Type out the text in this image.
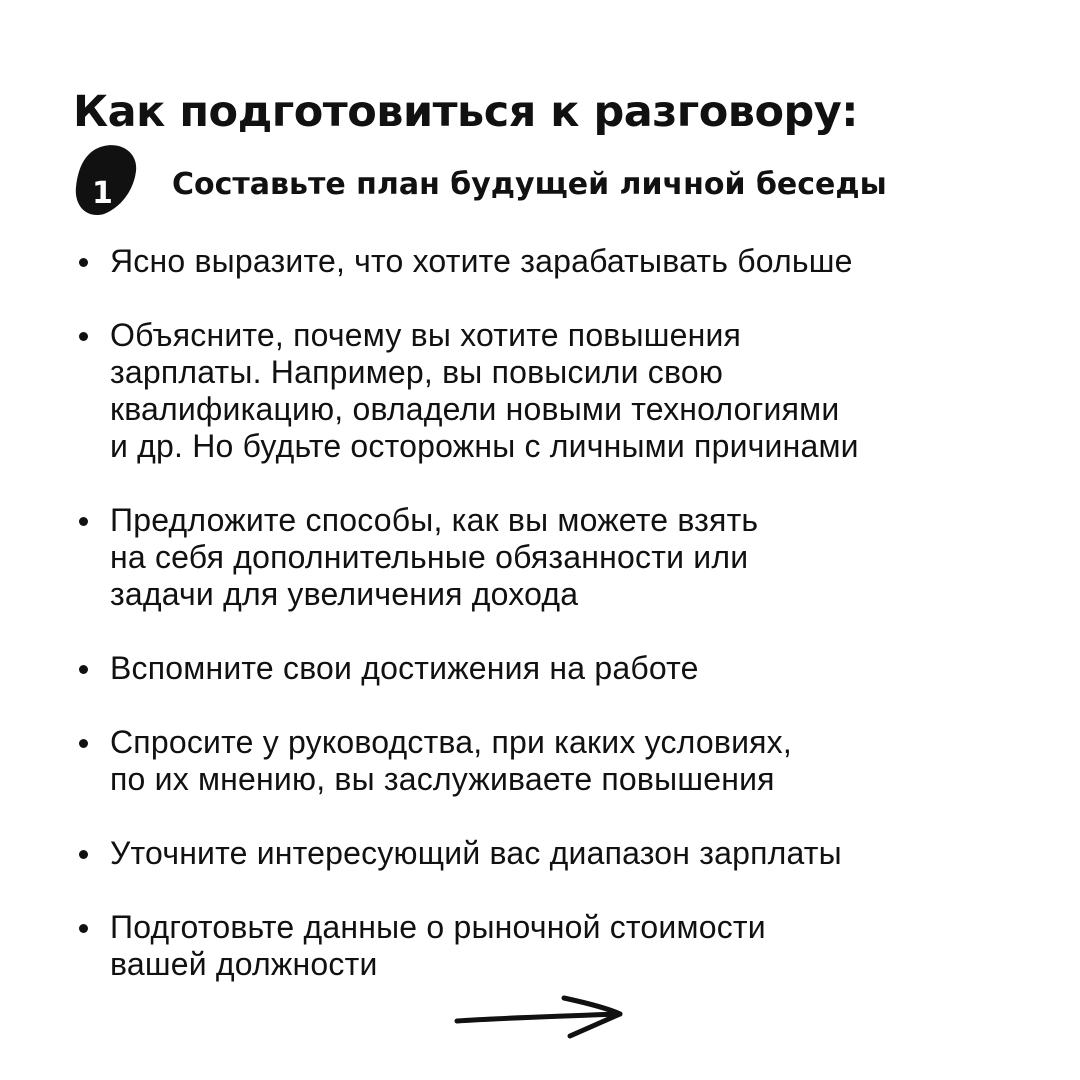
Как подготовиться к разговору:
1 Составьте план будущей личной беседы
Ясно выразите, что хотите зарабатывать больше
Объясните, почему вы хотите повышения
зарплаты. Например, вы повысили свою
квалификацию, овладели новыми технологиями
и др. Но будьте осторожны с личными причинами
Предложите способы, как вы можете взять
на себя дополнительные обязанности или
задачи для увеличения дохода
Вспомните свои достижения на работе
Спросите у руководства, при каких условиях,
по их мнению, вы заслуживаете повышения
Уточните интересующий вас диапазон зарплаты
Подготовьте данные о рыночной стоимости
вашей должности
